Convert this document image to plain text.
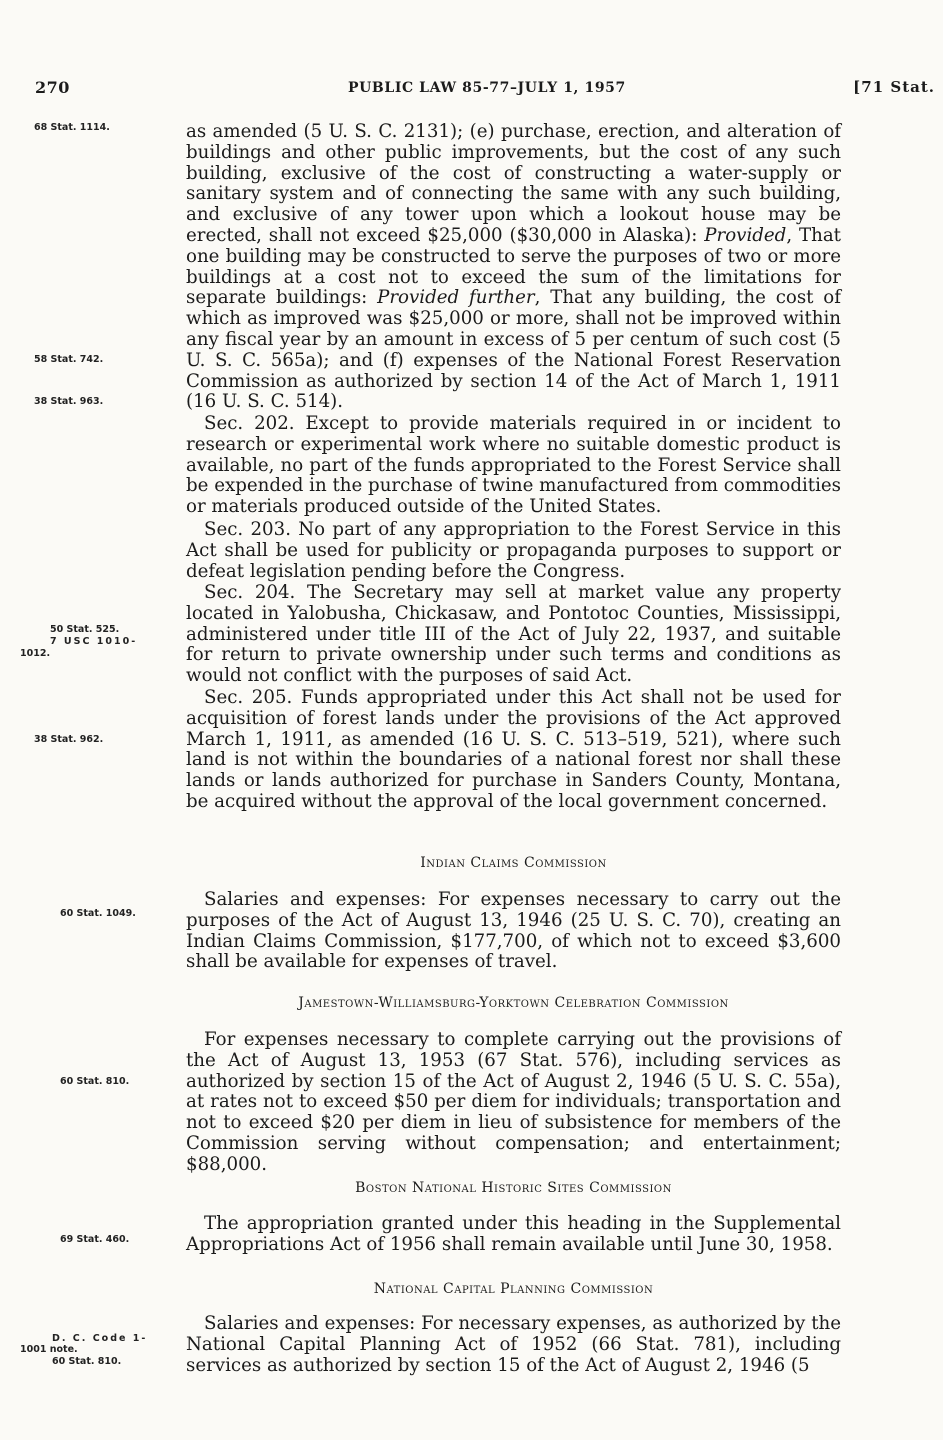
270	PUBLIC LAW 85-77–JULY 1, 1957	[71 Stat.
68 Stat. 1114.
58 Stat. 742.
38 Stat. 963.
50 Stat. 525.
7 USC 1010-
1012.
38 Stat. 962.
60 Stat. 1049.
60 Stat. 810.
69 Stat. 460.
D. C. Code 1-
1001 note.
60 Stat. 810.
as amended (5 U. S. C. 2131); (e) purchase, erection, and alteration of buildings and other public improvements, but the cost of any such building, exclusive of the cost of constructing a water-supply or sanitary system and of connecting the same with any such building, and exclusive of any tower upon which a lookout house may be erected, shall not exceed $25,000 ($30,000 in Alaska): Provided, That one building may be constructed to serve the purposes of two or more buildings at a cost not to exceed the sum of the limitations for separate buildings: Provided further, That any building, the cost of which as improved was $25,000 or more, shall not be improved within any fiscal year by an amount in excess of 5 per centum of such cost (5 U. S. C. 565a); and (f) expenses of the National Forest Reservation Commission as authorized by section 14 of the Act of March 1, 1911 (16 U. S. C. 514).
Sec. 202. Except to provide materials required in or incident to research or experimental work where no suitable domestic product is available, no part of the funds appropriated to the Forest Service shall be expended in the purchase of twine manufactured from commodities or materials produced outside of the United States.
Sec. 203. No part of any appropriation to the Forest Service in this Act shall be used for publicity or propaganda purposes to support or defeat legislation pending before the Congress.
Sec. 204. The Secretary may sell at market value any property located in Yalobusha, Chickasaw, and Pontotoc Counties, Mississippi, administered under title III of the Act of July 22, 1937, and suitable for return to private ownership under such terms and conditions as would not conflict with the purposes of said Act.
Sec. 205. Funds appropriated under this Act shall not be used for acquisition of forest lands under the provisions of the Act approved March 1, 1911, as amended (16 U. S. C. 513–519, 521), where such land is not within the boundaries of a national forest nor shall these lands or lands authorized for purchase in Sanders County, Montana, be acquired without the approval of the local government concerned.
Indian Claims Commission
Salaries and expenses: For expenses necessary to carry out the purposes of the Act of August 13, 1946 (25 U. S. C. 70), creating an Indian Claims Commission, $177,700, of which not to exceed $3,600 shall be available for expenses of travel.
Jamestown-Williamsburg-Yorktown Celebration Commission
For expenses necessary to complete carrying out the provisions of the Act of August 13, 1953 (67 Stat. 576), including services as authorized by section 15 of the Act of August 2, 1946 (5 U. S. C. 55a), at rates not to exceed $50 per diem for individuals; transportation and not to exceed $20 per diem in lieu of subsistence for members of the Commission serving without compensation; and entertainment; $88,000.
Boston National Historic Sites Commission
The appropriation granted under this heading in the Supplemental Appropriations Act of 1956 shall remain available until June 30, 1958.
National Capital Planning Commission
Salaries and expenses: For necessary expenses, as authorized by the National Capital Planning Act of 1952 (66 Stat. 781), including services as authorized by section 15 of the Act of August 2, 1946 (5
